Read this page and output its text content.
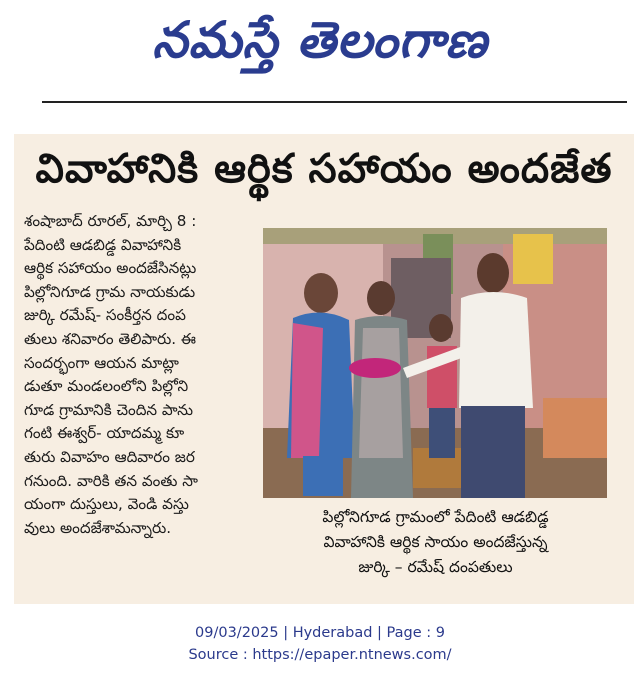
నమస్తే తెలంగాణ
వివాహానికి ఆర్థిక సహాయం అందజేత
శంషాబాద్ రూరల్, మార్చి 8 :
పేదింటి ఆడబిడ్డ వివాహానికి
ఆర్థిక సహాయం అందజేసినట్లు
పిల్లోనిగూడ గ్రామ నాయకుడు
జుర్కి రమేష్- సంకీర్తన దంప
తులు శనివారం తెలిపారు. ఈ
సందర్భంగా ఆయన మాట్లా
డుతూ మండలంలోని పిల్లోని
గూడ గ్రామానికి చెందిన పాను
గంటి ఈశ్వర్- యాదమ్మ కూ
తురు వివాహం ఆదివారం జర
గనుంది. వారికి తన వంతు సా
యంగా దుస్తులు, వెండి వస్తు
వులు అందజేశామన్నారు.
పిల్లోనిగూడ గ్రామంలో పేదింటి ఆడబిడ్డ
వివాహానికి ఆర్థిక సాయం అందజేస్తున్న
జుర్కి – రమేష్ దంపతులు
09/03/2025 | Hyderabad | Page : 9
Source : https://epaper.ntnews.com/
